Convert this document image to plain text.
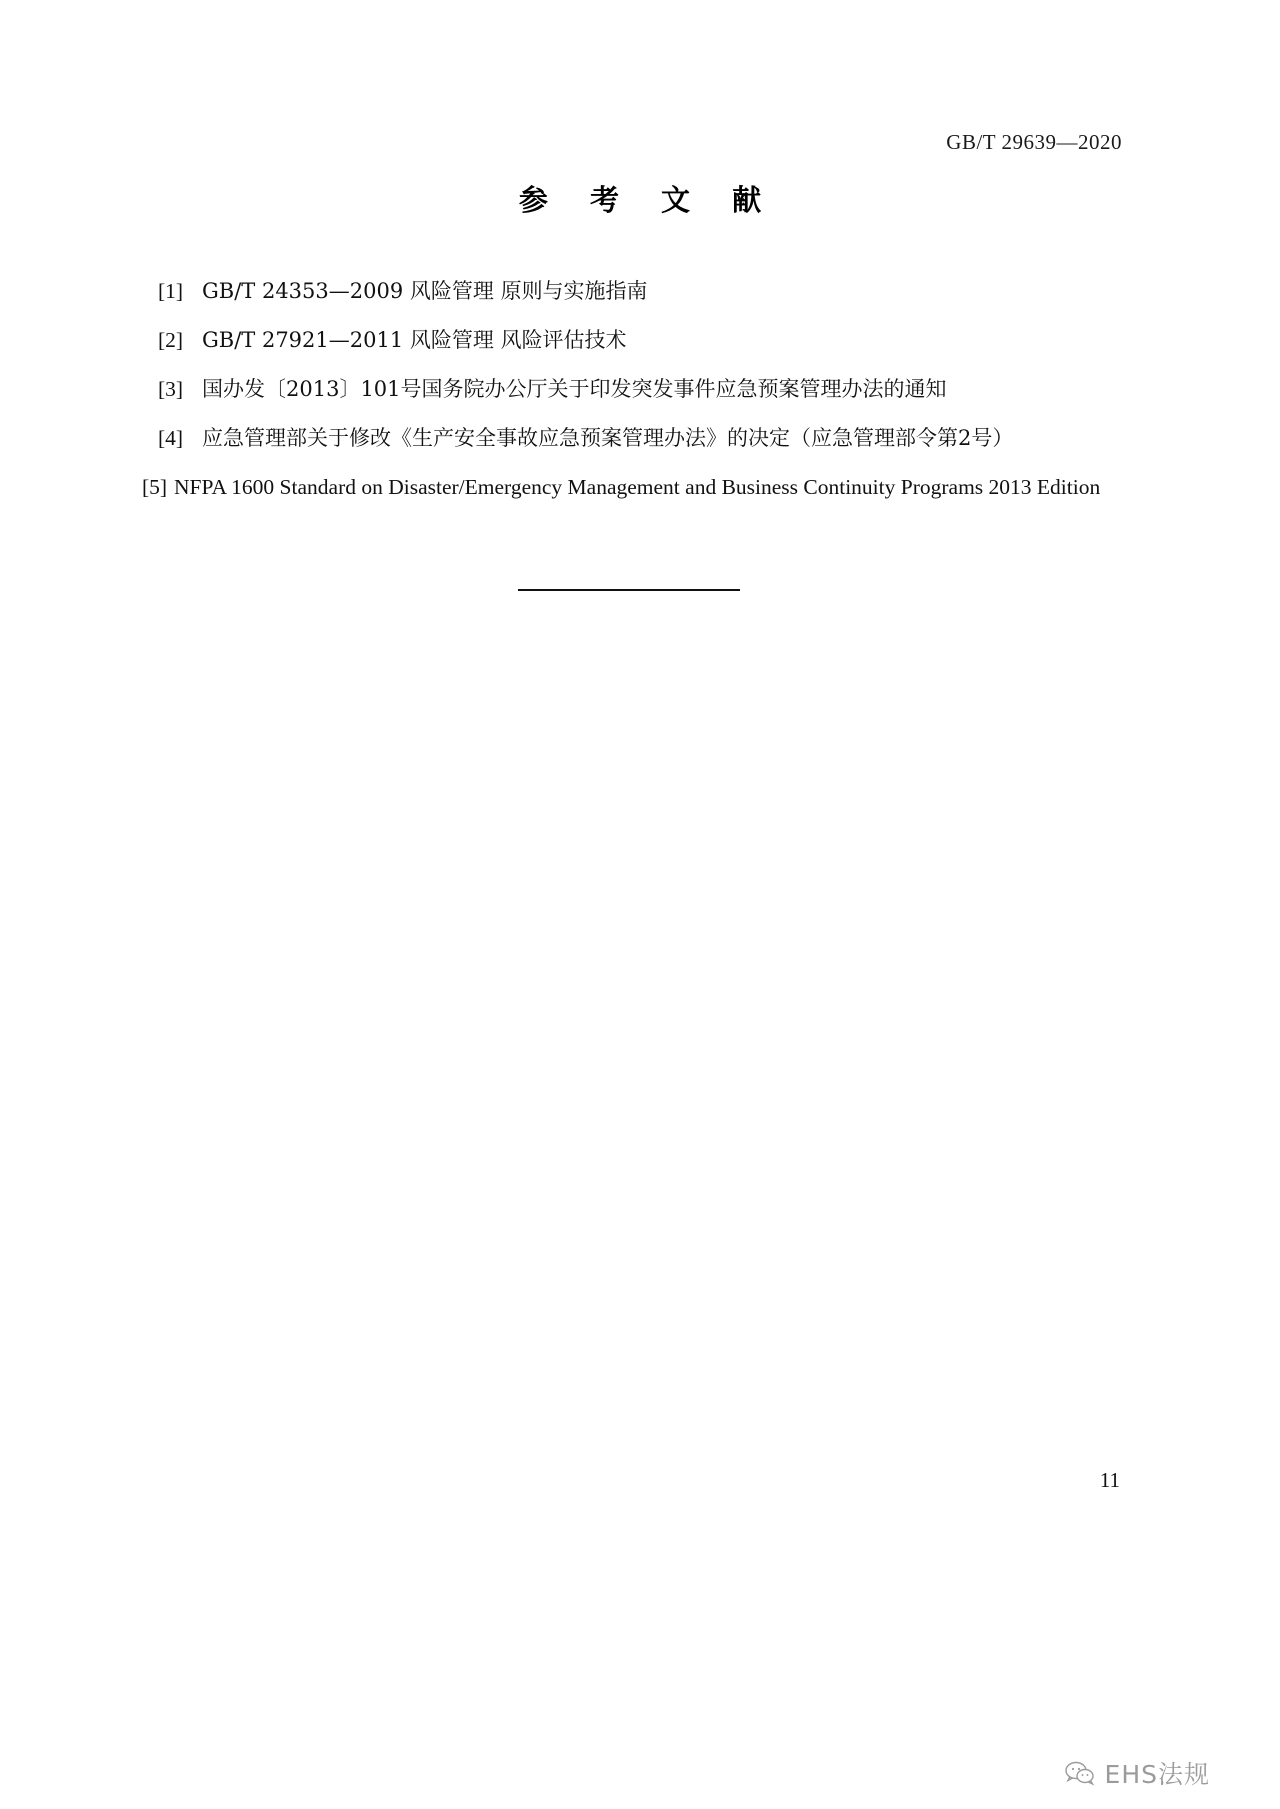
GB/T 29639—2020
参 考 文 献
[1] GB/T 24353—2009 风险管理 原则与实施指南
[2] GB/T 27921—2011 风险管理 风险评估技术
[3] 国办发〔2013〕101号国务院办公厅关于印发突发事件应急预案管理办法的通知
[4] 应急管理部关于修改《生产安全事故应急预案管理办法》的决定（应急管理部令第2号）
[5] NFPA 1600 Standard on Disaster/Emergency Management and Business Continuity Programs 2013 Edition
11
EHS法规
